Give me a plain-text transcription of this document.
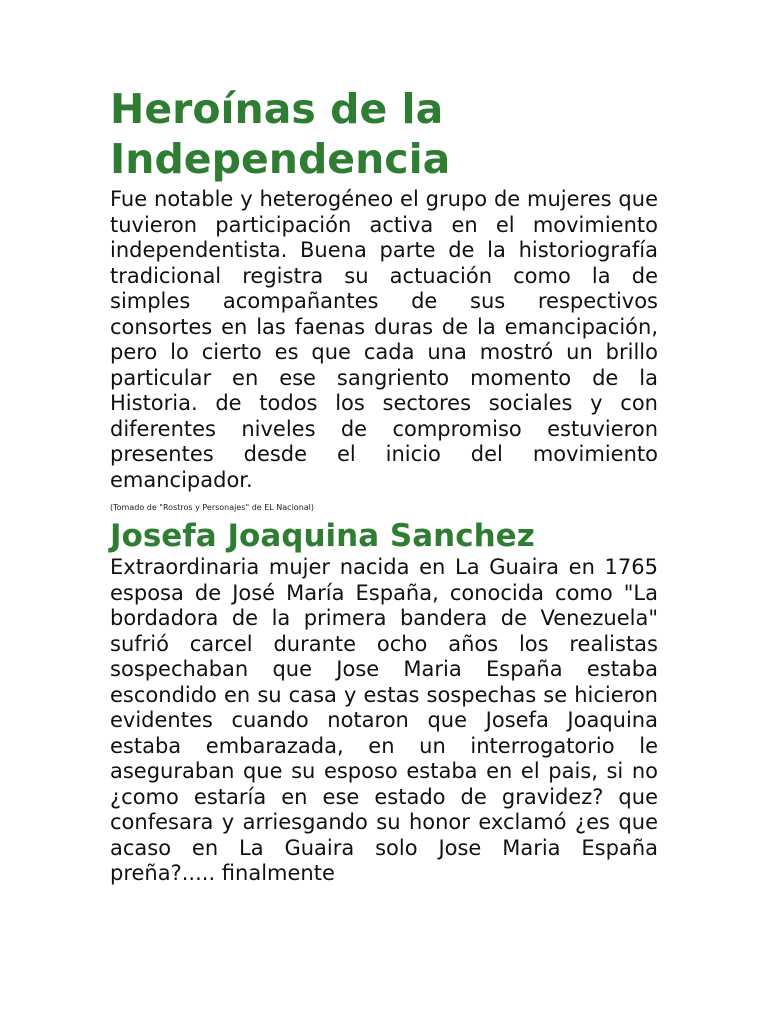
Heroínas de la Independencia

Fue notable y heterogéneo el grupo de mujeres que tuvieron participación activa en el movimiento independentista. Buena parte de la historiografía tradicional registra su actuación como la de simples acompañantes de sus respectivos consortes en las faenas duras de la emancipación, pero lo cierto es que cada una mostró un brillo particular en ese sangriento momento de la Historia. de todos los sectores sociales y con diferentes niveles de compromiso estuvieron presentes desde el inicio del movimiento emancipador.

(Tomado de "Rostros y Personajes" de EL Nacional)

Josefa Joaquina Sanchez

Extraordinaria mujer nacida en La Guaira en 1765 esposa de José María España, conocida como "La bordadora de la primera bandera de Venezuela" sufrió carcel durante ocho años los realistas sospechaban que Jose Maria España estaba escondido en su casa y estas sospechas se hicieron evidentes cuando notaron que Josefa Joaquina estaba embarazada, en un interrogatorio le aseguraban que su esposo estaba en el pais, si no ¿como estaría en ese estado de gravidez? que confesara y arriesgando su honor exclamó ¿es que acaso en La Guaira solo Jose Maria España preña?..... finalmente
